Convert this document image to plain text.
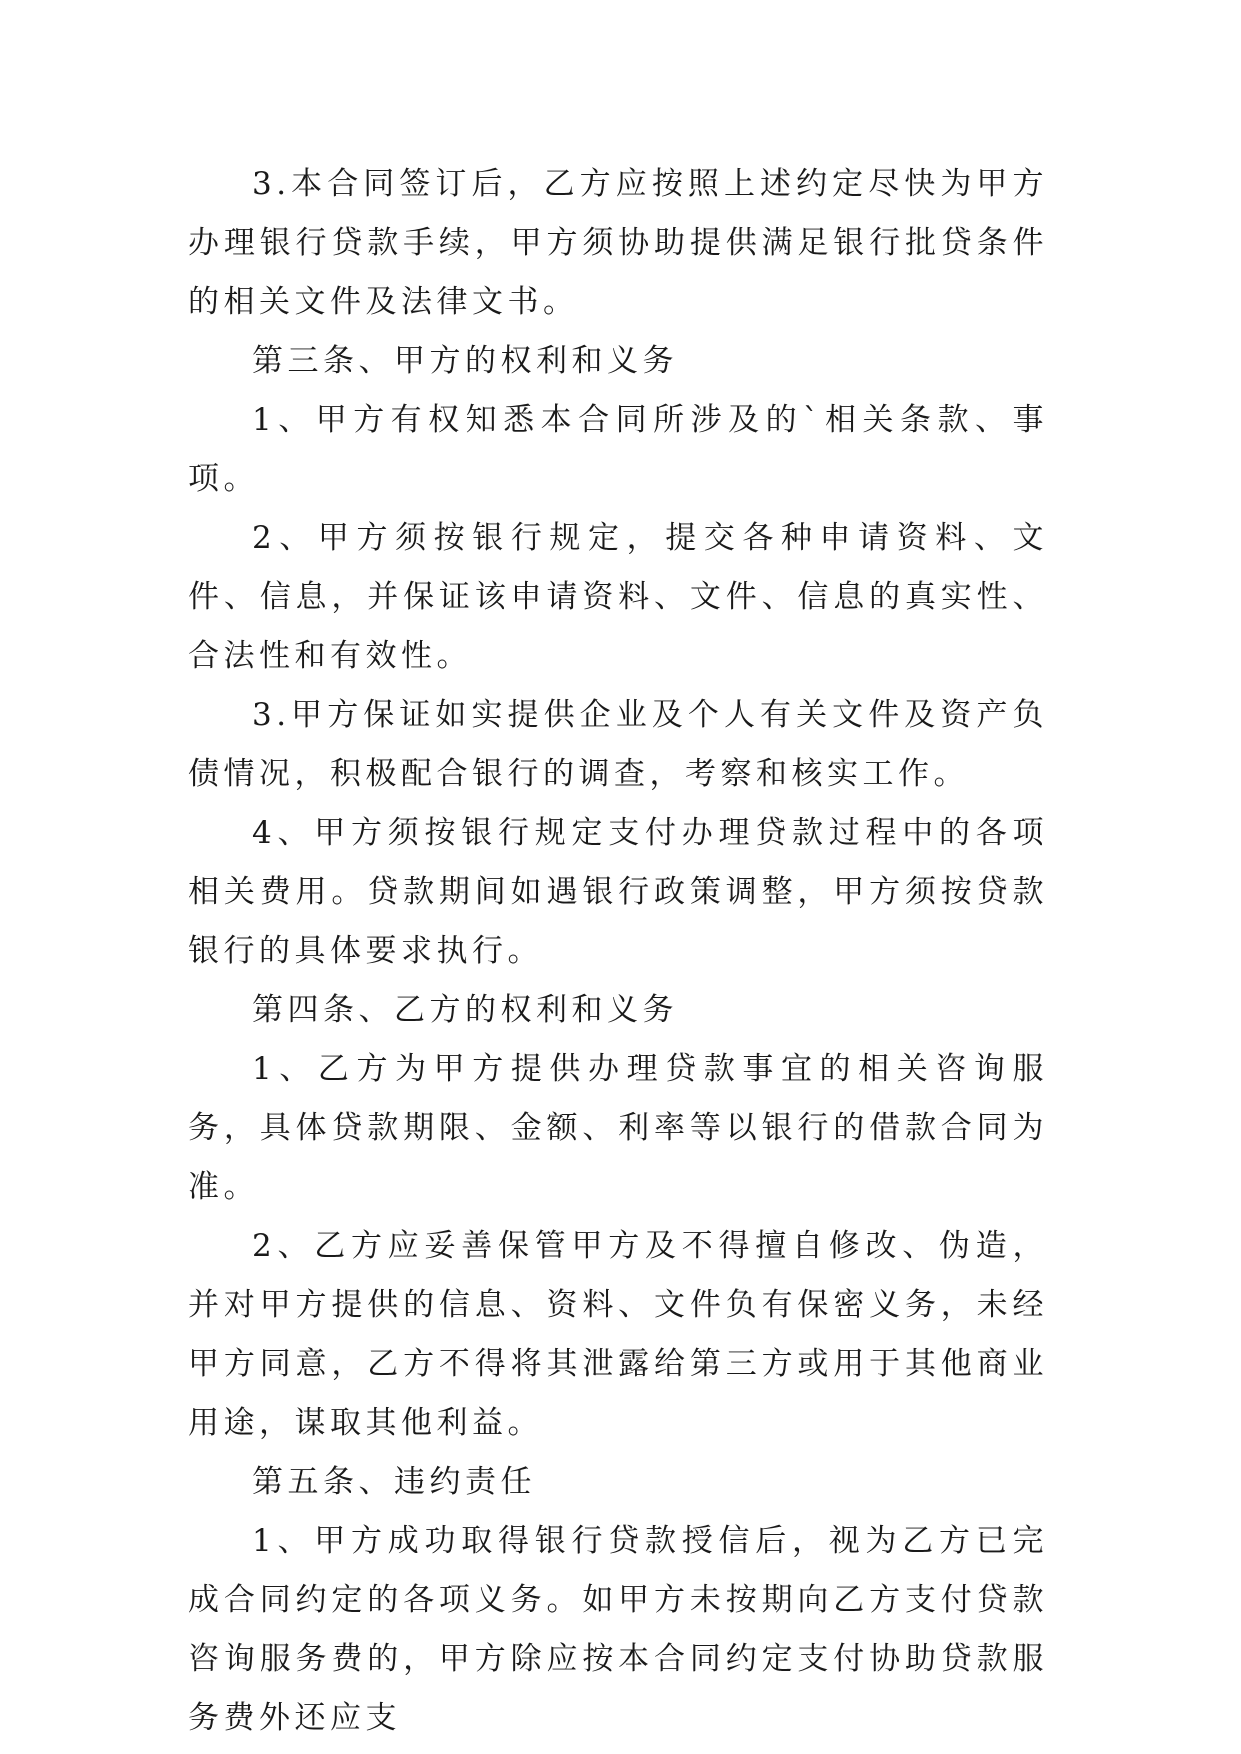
3.本合同签订后，乙方应按照上述约定尽快为甲方办理银行贷款手续，甲方须协助提供满足银行批贷条件的相关文件及法律文书。

第三条、甲方的权利和义务

1、甲方有权知悉本合同所涉及的`相关条款、事项。

2、甲方须按银行规定，提交各种申请资料、文件、信息，并保证该申请资料、文件、信息的真实性、合法性和有效性。

3.甲方保证如实提供企业及个人有关文件及资产负债情况，积极配合银行的调查，考察和核实工作。

4、甲方须按银行规定支付办理贷款过程中的各项相关费用。贷款期间如遇银行政策调整，甲方须按贷款银行的具体要求执行。

第四条、乙方的权利和义务

1、乙方为甲方提供办理贷款事宜的相关咨询服务，具体贷款期限、金额、利率等以银行的借款合同为准。

2、乙方应妥善保管甲方及不得擅自修改、伪造，并对甲方提供的信息、资料、文件负有保密义务，未经甲方同意，乙方不得将其泄露给第三方或用于其他商业用途，谋取其他利益。

第五条、违约责任

1、甲方成功取得银行贷款授信后，视为乙方已完成合同约定的各项义务。如甲方未按期向乙方支付贷款咨询服务费的，甲方除应按本合同约定支付协助贷款服务费外还应支
